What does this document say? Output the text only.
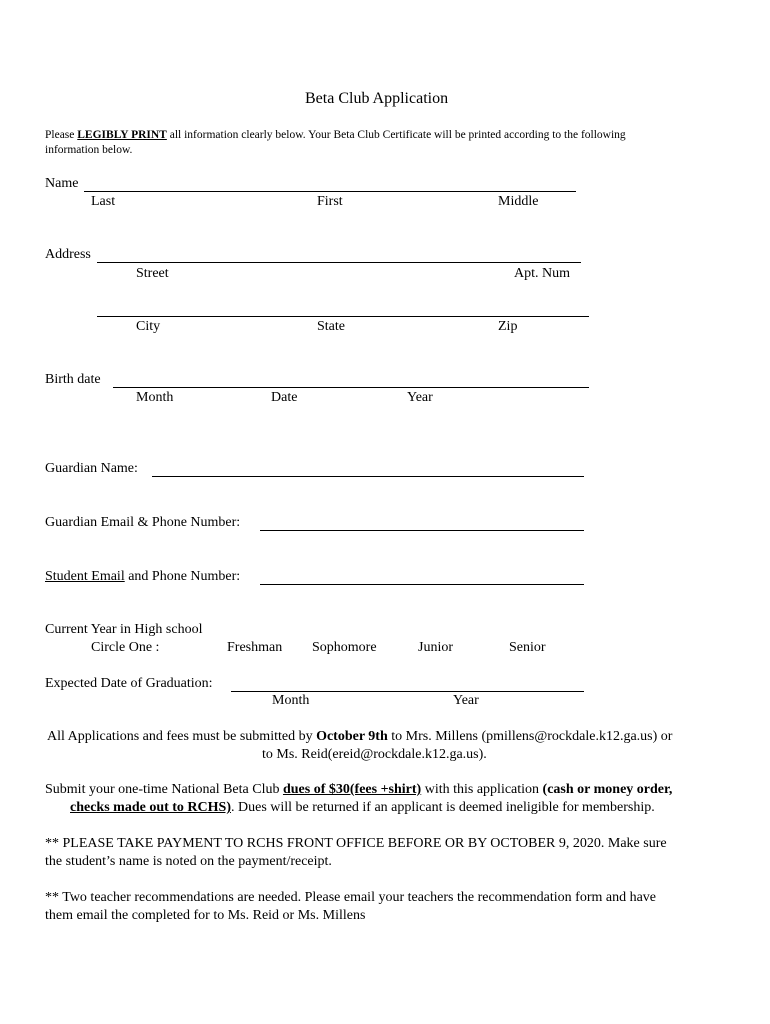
Beta Club Application
Please LEGIBLY PRINT all information clearly below. Your Beta Club Certificate will be printed according to the following
information below.
Name
Last	First	Middle
Address
Street	Apt. Num
City	State	Zip
Birth date
Month	Date	Year
Guardian Name:
Guardian Email & Phone Number:
Student Email and Phone Number:
Current Year in High school
Circle One :	Freshman Sophomore	Junior	Senior
Expected Date of Graduation:
Month	Year
All Applications and fees must be submitted by October 9th to Mrs. Millens (pmillens@rockdale.k12.ga.us) or
to Ms. Reid(ereid@rockdale.k12.ga.us).
Submit your one-time National Beta Club dues of $30(fees +shirt) with this application (cash or money order,
checks made out to RCHS). Dues will be returned if an applicant is deemed ineligible for membership.
** PLEASE TAKE PAYMENT TO RCHS FRONT OFFICE BEFORE OR BY OCTOBER 9, 2020. Make sure
the student’s name is noted on the payment/receipt.
** Two teacher recommendations are needed. Please email your teachers the recommendation form and have
them email the completed for to Ms. Reid or Ms. Millens
